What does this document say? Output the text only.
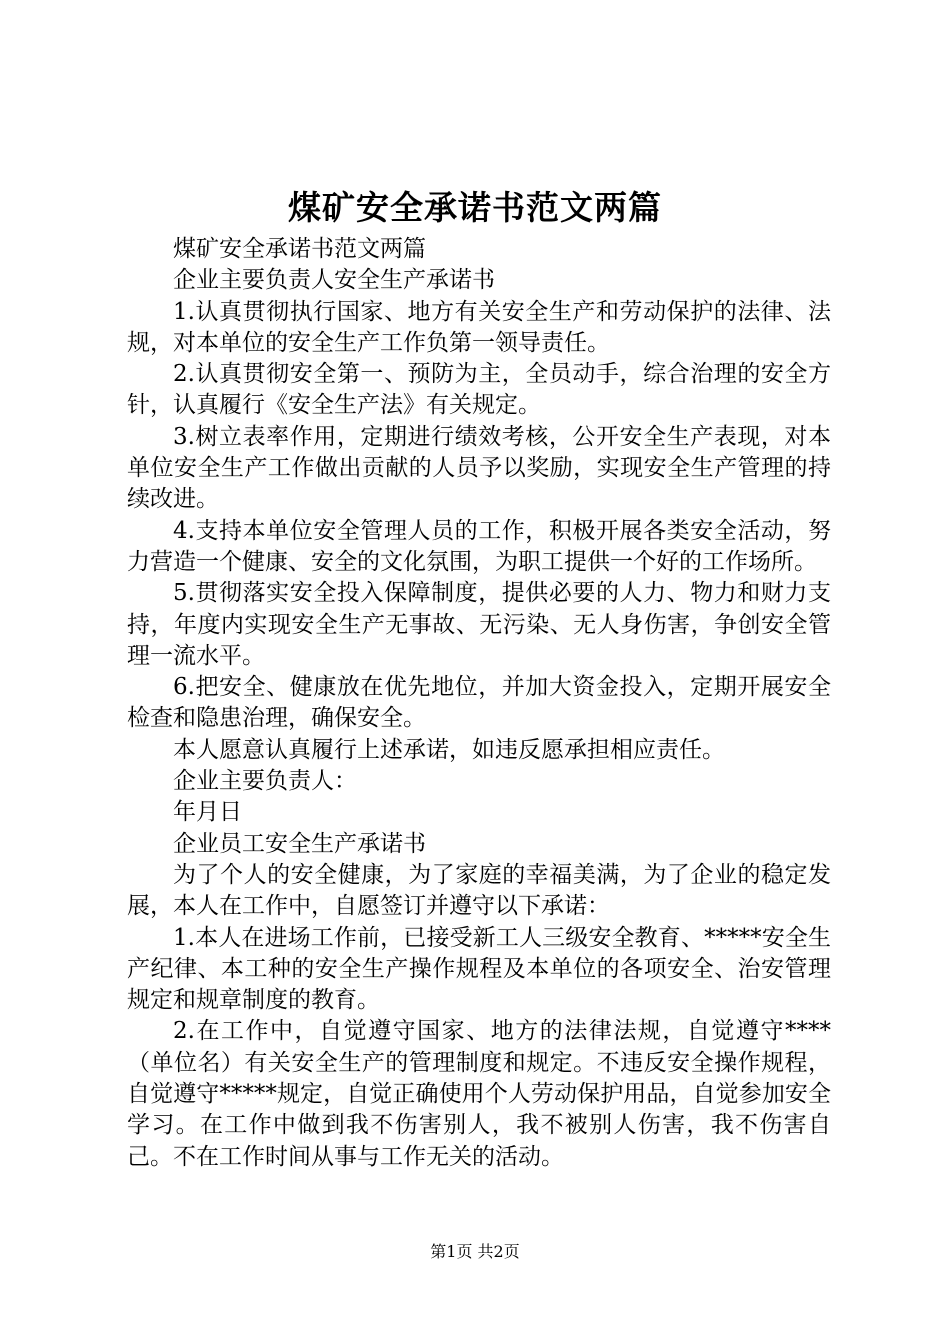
煤矿安全承诺书范文两篇

煤矿安全承诺书范文两篇

企业主要负责人安全生产承诺书

1.认真贯彻执行国家、地方有关安全生产和劳动保护的法律、法规，对本单位的安全生产工作负第一领导责任。

2.认真贯彻安全第一、预防为主，全员动手，综合治理的安全方针，认真履行《安全生产法》有关规定。

3.树立表率作用，定期进行绩效考核，公开安全生产表现，对本单位安全生产工作做出贡献的人员予以奖励，实现安全生产管理的持续改进。

4.支持本单位安全管理人员的工作，积极开展各类安全活动，努力营造一个健康、安全的文化氛围，为职工提供一个好的工作场所。

5.贯彻落实安全投入保障制度，提供必要的人力、物力和财力支持，年度内实现安全生产无事故、无污染、无人身伤害，争创安全管理一流水平。

6.把安全、健康放在优先地位，并加大资金投入，定期开展安全检查和隐患治理，确保安全。

本人愿意认真履行上述承诺，如违反愿承担相应责任。

企业主要负责人：

年月日

企业员工安全生产承诺书

为了个人的安全健康，为了家庭的幸福美满，为了企业的稳定发展，本人在工作中，自愿签订并遵守以下承诺：

1.本人在进场工作前，已接受新工人三级安全教育、*****安全生产纪律、本工种的安全生产操作规程及本单位的各项安全、治安管理规定和规章制度的教育。

2.在工作中，自觉遵守国家、地方的法律法规，自觉遵守****（单位名）有关安全生产的管理制度和规定。不违反安全操作规程，自觉遵守*****规定，自觉正确使用个人劳动保护用品，自觉参加安全学习。在工作中做到我不伤害别人，我不被别人伤害，我不伤害自己。不在工作时间从事与工作无关的活动。

第1页 共2页
